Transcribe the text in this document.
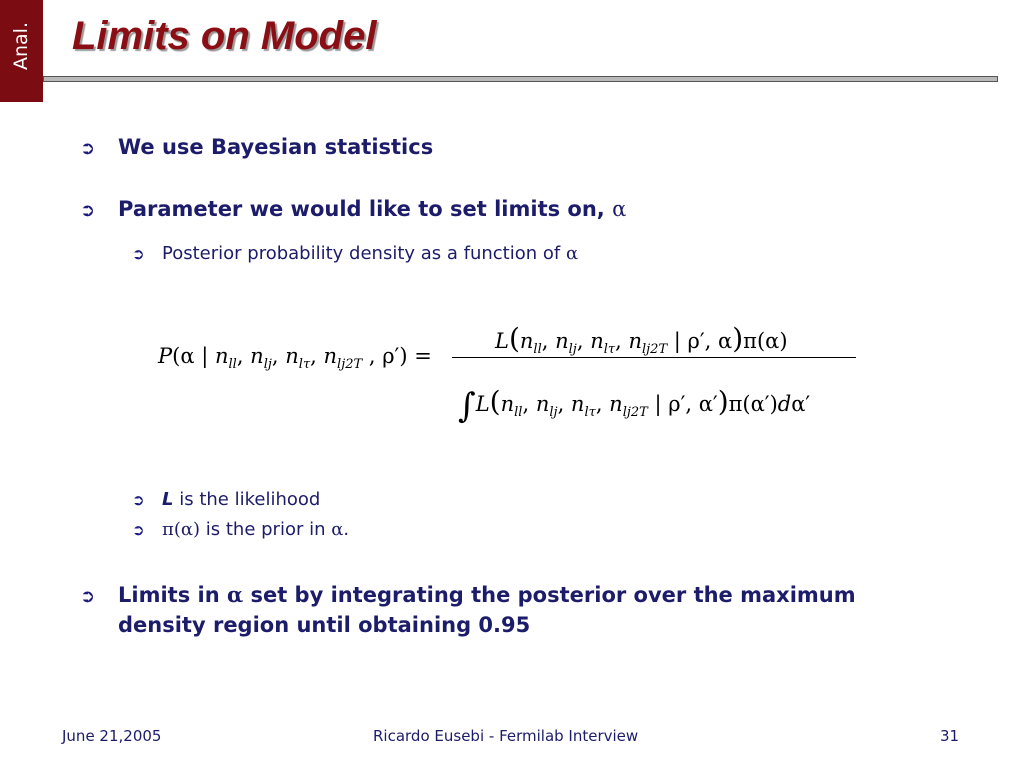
Anal. Limits on Model
➲	We use Bayesian statistics
➲	Parameter we would like to set limits on,
α
➲ Posterior probability density as a function of
α
P(α | $n_{ll}$, $n_{lj}$, $n_{l\tau}$, $n_{lj2T}$ , ρ′) =
$L(n_{ll}$, $n_{lj}$, $n_{l\tau}$, $n_{lj2T}$ | ρ′, α)π(α)
$\int L(n_{ll}$, $n_{lj}$, $n_{l\tau}$, $n_{lj2T}$ | ρ′, α′)π(α′)dα′
➲ L
is the likelihood
➲ π(α)
is the prior in
α .
➲	Limits in α set by integrating the posterior over the maximum density region until obtaining 0.95
June 21,2005	Ricardo Eusebi - Fermilab Interview	31
